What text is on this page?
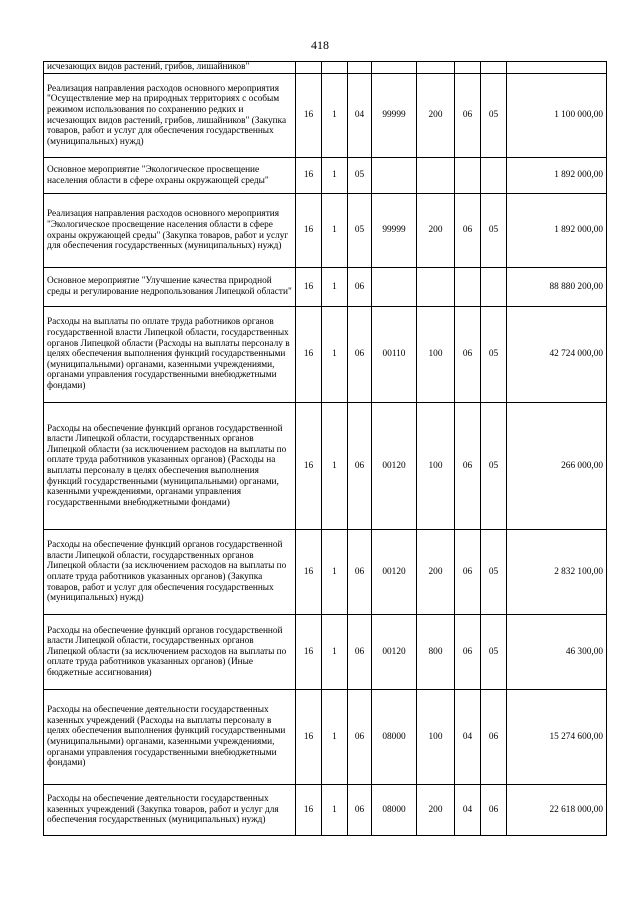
418
исчезающих видов растений, грибов, лишайников"								
Реализация направления расходов основного мероприятия "Осуществление мер на природных территориях с особым режимом использования по сохранению редких и исчезающих видов растений, грибов, лишайников" (Закупка товаров, работ и услуг для обеспечения государственных (муниципальных) нужд)	16	1	04	99999	200	06	05	1 100 000,00
Основное мероприятие "Экологическое просвещение населения области в сфере охраны окружающей среды"	16	1	05					1 892 000,00
Реализация направления расходов основного мероприятия "Экологическое просвещение населения области в сфере охраны окружающей среды" (Закупка товаров, работ и услуг для обеспечения государственных (муниципальных) нужд)	16	1	05	99999	200	06	05	1 892 000,00
Основное мероприятие "Улучшение качества природной среды и регулирование недропользования Липецкой области"	16	1	06					88 880 200,00
Расходы на выплаты по оплате труда работников органов государственной власти Липецкой области, государственных органов Липецкой области (Расходы на выплаты персоналу в целях обеспечения выполнения функций государственными (муниципальными) органами, казенными учреждениями, органами управления государственными внебюджетными фондами)	16	1	06	00110	100	06	05	42 724 000,00
Расходы на обеспечение функций органов государственной власти Липецкой области, государственных органов Липецкой области (за исключением расходов на выплаты по оплате труда работников указанных органов) (Расходы на выплаты персоналу в целях обеспечения выполнения функций государственными (муниципальными) органами, казенными учреждениями, органами управления государственными внебюджетными фондами)	16	1	06	00120	100	06	05	266 000,00
Расходы на обеспечение функций органов государственной власти Липецкой области, государственных органов Липецкой области (за исключением расходов на выплаты по оплате труда работников указанных органов) (Закупка товаров, работ и услуг для обеспечения государственных (муниципальных) нужд)	16	1	06	00120	200	06	05	2 832 100,00
Расходы на обеспечение функций органов государственной власти Липецкой области, государственных органов Липецкой области (за исключением расходов на выплаты по оплате труда работников указанных органов) (Иные бюджетные ассигнования)	16	1	06	00120	800	06	05	46 300,00
Расходы на обеспечение деятельности государственных казенных учреждений (Расходы на выплаты персоналу в целях обеспечения выполнения функций государственными (муниципальными) органами, казенными учреждениями, органами управления государственными внебюджетными фондами)	16	1	06	08000	100	04	06	15 274 600,00
Расходы на обеспечение деятельности государственных казенных учреждений (Закупка товаров, работ и услуг для обеспечения государственных (муниципальных) нужд)	16	1	06	08000	200	04	06	22 618 000,00
